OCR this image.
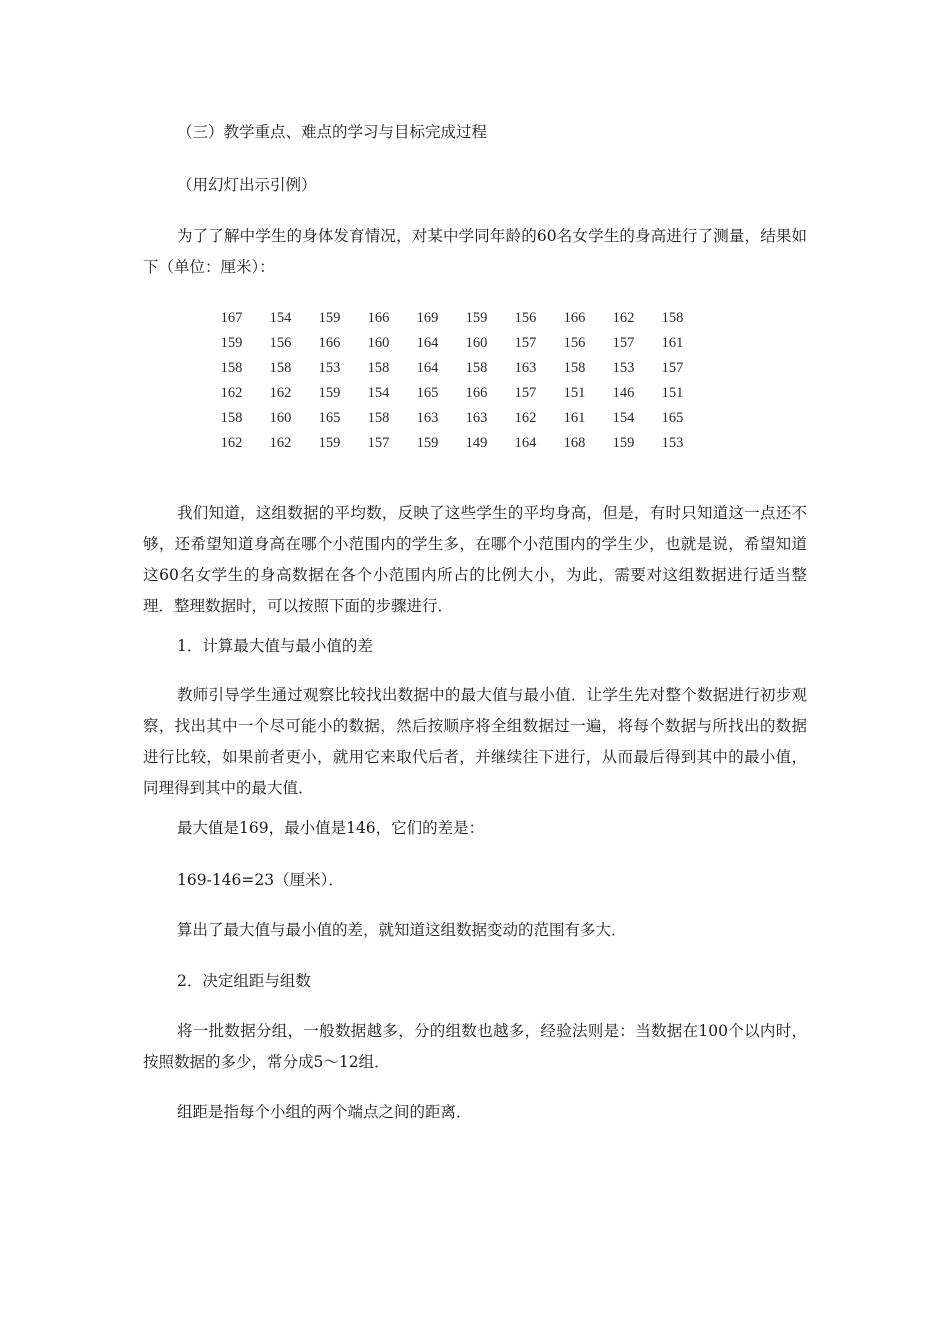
（三）教学重点、难点的学习与目标完成过程

（用幻灯出示引例）

为了了解中学生的身体发育情况，对某中学同年龄的60名女学生的身高进行了测量，结果如下（单位：厘米）：

167	154	159	166	169	159	156	166	162	158
159	156	166	160	164	160	157	156	157	161
158	158	153	158	164	158	163	158	153	157
162	162	159	154	165	166	157	151	146	151
158	160	165	158	163	163	162	161	154	165
162	162	159	157	159	149	164	168	159	153

我们知道，这组数据的平均数，反映了这些学生的平均身高，但是，有时只知道这一点还不够，还希望知道身高在哪个小范围内的学生多，在哪个小范围内的学生少，也就是说，希望知道这60名女学生的身高数据在各个小范围内所占的比例大小，为此，需要对这组数据进行适当整理．整理数据时，可以按照下面的步骤进行．

1．计算最大值与最小值的差

教师引导学生通过观察比较找出数据中的最大值与最小值．让学生先对整个数据进行初步观察，找出其中一个尽可能小的数据，然后按顺序将全组数据过一遍，将每个数据与所找出的数据进行比较，如果前者更小，就用它来取代后者，并继续往下进行，从而最后得到其中的最小值，同理得到其中的最大值．

最大值是169，最小值是146，它们的差是：

169-146=23（厘米）．

算出了最大值与最小值的差，就知道这组数据变动的范围有多大．

2．决定组距与组数

将一批数据分组，一般数据越多，分的组数也越多，经验法则是：当数据在100个以内时，按照数据的多少，常分成5～12组．

组距是指每个小组的两个端点之间的距离．
